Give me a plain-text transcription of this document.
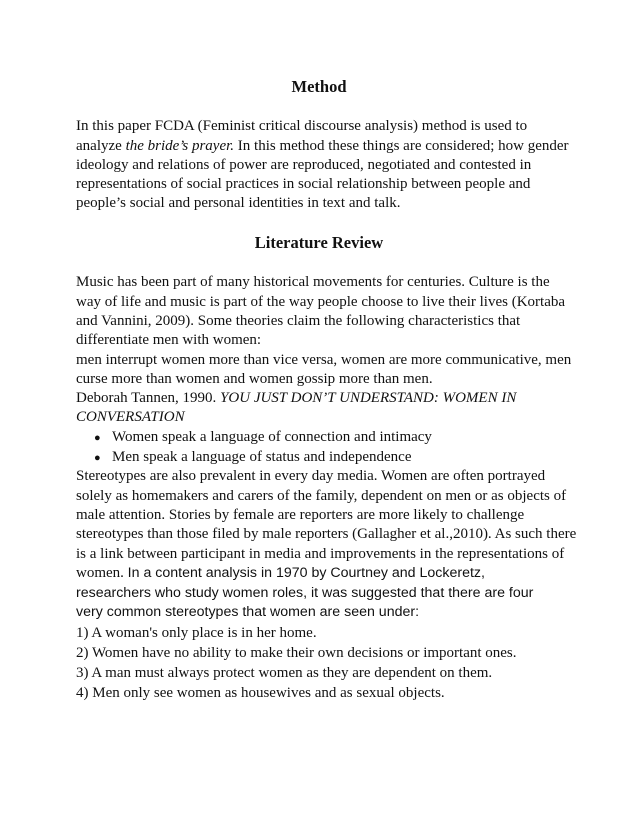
Method
In this paper FCDA (Feminist critical discourse analysis) method is used to
analyze the bride’s prayer. In this method these things are considered; how gender
ideology and relations of power are reproduced, negotiated and contested in
representations of social practices in social relationship between people and
people’s social and personal identities in text and talk.
Literature Review
Music has been part of many historical movements for centuries. Culture is the
way of life and music is part of the way people choose to live their lives (Kortaba
and Vannini, 2009). Some theories claim the following characteristics that
differentiate men with women:
men interrupt women more than vice versa, women are more communicative, men
curse more than women and women gossip more than men.
Deborah Tannen, 1990. YOU JUST DON’T UNDERSTAND: WOMEN IN
CONVERSATION
● Women speak a language of connection and intimacy
● Men speak a language of status and independence
Stereotypes are also prevalent in every day media. Women are often portrayed
solely as homemakers and carers of the family, dependent on men or as objects of
male attention. Stories by female are reporters are more likely to challenge
stereotypes than those filed by male reporters (Gallagher et al.,2010). As such there
is a link between participant in media and improvements in the representations of
women. In a content analysis in 1970 by Courtney and Lockeretz,
researchers who study women roles, it was suggested that there are four
very common stereotypes that women are seen under:
1) A woman's only place is in her home.
2) Women have no ability to make their own decisions or important ones.
3) A man must always protect women as they are dependent on them.
4) Men only see women as housewives and as sexual objects.
